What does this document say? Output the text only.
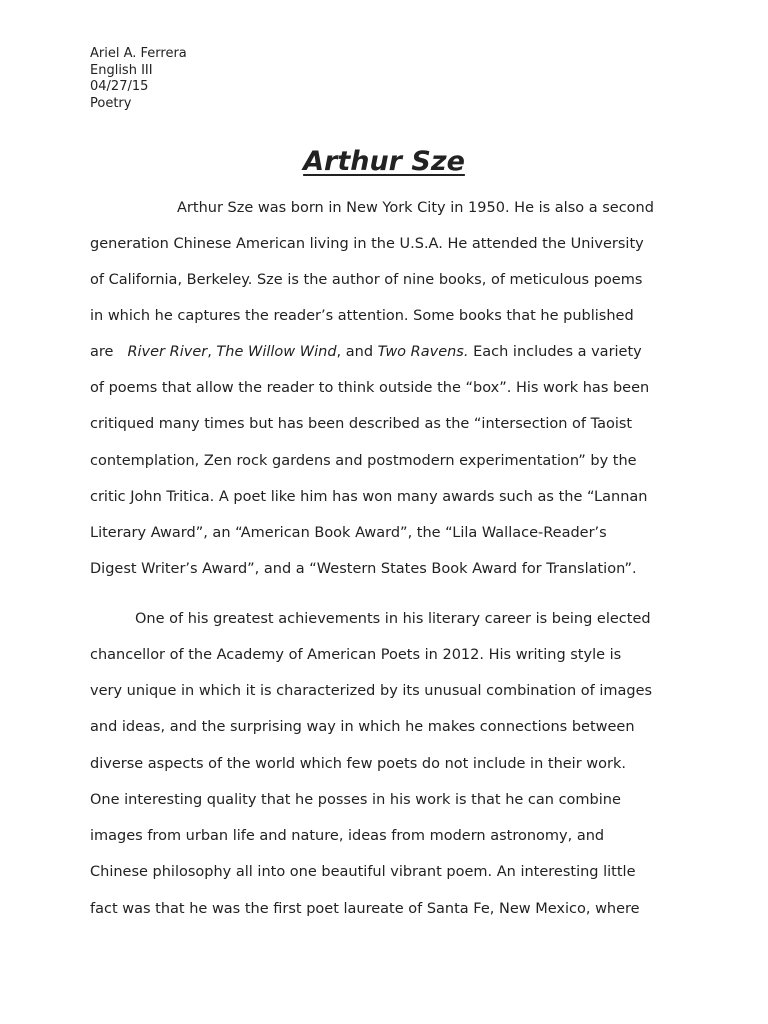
Ariel A. Ferrera
English III
04/27/15
Poetry
Arthur Sze
Arthur Sze was born in New York City in 1950. He is also a second
generation Chinese American living in the U.S.A. He attended the University
of California, Berkeley. Sze is the author of nine books, of meticulous poems
in which he captures the reader’s attention. Some books that he published
are River River, The Willow Wind, and Two Ravens. Each includes a variety
of poems that allow the reader to think outside the “box”. His work has been
critiqued many times but has been described as the “intersection of Taoist
contemplation, Zen rock gardens and postmodern experimentation” by the
critic John Tritica. A poet like him has won many awards such as the “Lannan
Literary Award”, an “American Book Award”, the “Lila Wallace-Reader’s
Digest Writer’s Award”, and a “Western States Book Award for Translation”.
One of his greatest achievements in his literary career is being elected
chancellor of the Academy of American Poets in 2012. His writing style is
very unique in which it is characterized by its unusual combination of images
and ideas, and the surprising way in which he makes connections between
diverse aspects of the world which few poets do not include in their work.
One interesting quality that he posses in his work is that he can combine
images from urban life and nature, ideas from modern astronomy, and
Chinese philosophy all into one beautiful vibrant poem. An interesting little
fact was that he was the first poet laureate of Santa Fe, New Mexico, where
